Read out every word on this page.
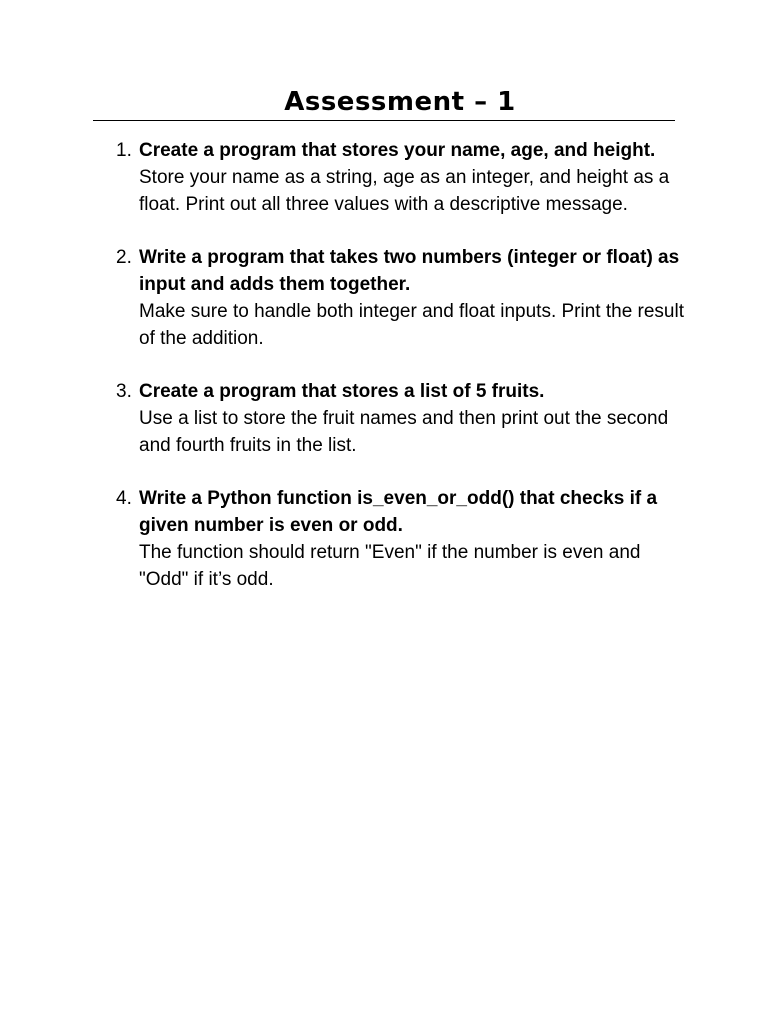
Assessment – 1
1. Create a program that stores your name, age, and height.
Store your name as a string, age as an integer, and height as a float. Print out all three values with a descriptive message.
2. Write a program that takes two numbers (integer or float) as input and adds them together.
Make sure to handle both integer and float inputs. Print the result of the addition.
3. Create a program that stores a list of 5 fruits.
Use a list to store the fruit names and then print out the second and fourth fruits in the list.
4. Write a Python function is_even_or_odd() that checks if a given number is even or odd.
The function should return "Even" if the number is even and "Odd" if it’s odd.
